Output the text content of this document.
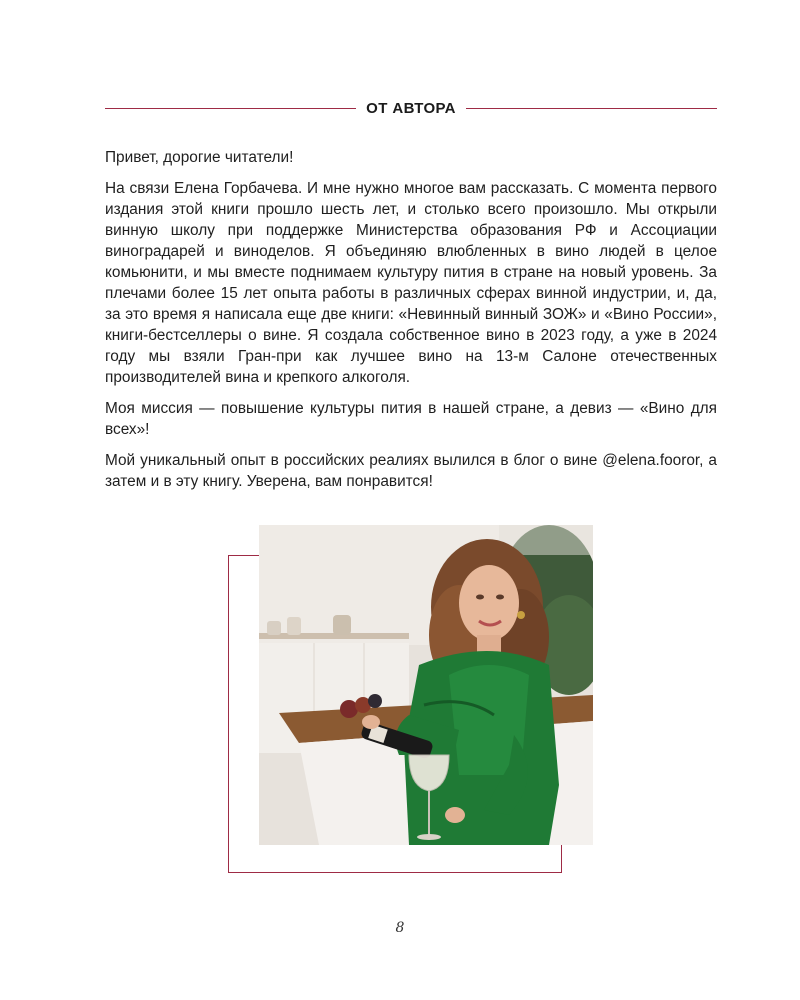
ОТ АВТОРА

Привет, дорогие читатели!

На связи Елена Горбачева. И мне нужно многое вам рассказать. С момента первого издания этой книги прошло шесть лет, и столько всего произошло. Мы открыли винную школу при поддержке Министерства образования РФ и Ассоциации виноградарей и виноделов. Я объединяю влюбленных в вино людей в целое комьюнити, и мы вместе поднимаем культуру пития в стране на новый уровень. За плечами более 15 лет опыта работы в различных сферах винной индустрии, и, да, за это время я написала еще две книги: «Невинный винный ЗОЖ» и «Вино России», книги-бестселлеры о вине. Я создала собственное вино в 2023 году, а уже в 2024 году мы взяли Гран-при как лучшее вино на 13-м Салоне отечественных производителей вина и крепкого алкоголя.

Моя миссия — повышение культуры пития в нашей стране, а девиз — «Вино для всех»!

Мой уникальный опыт в российских реалиях вылился в блог о вине @elena.fooror, а затем и в эту книгу. Уверена, вам понравится!

8
